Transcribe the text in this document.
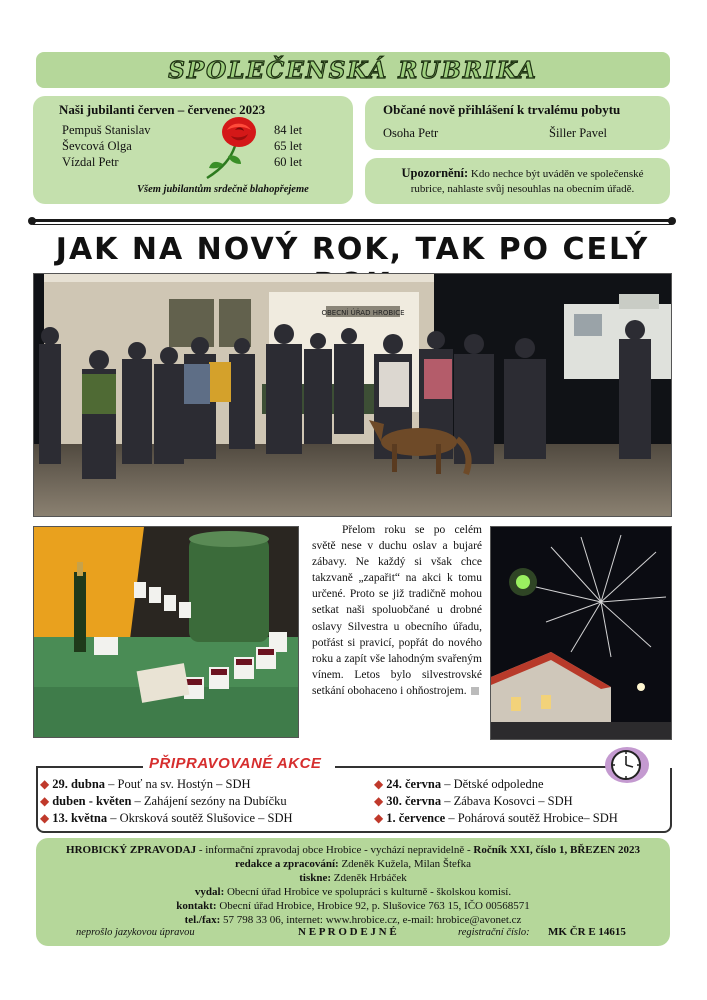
SPOLEČENSKÁ RUBRIKA
Naši jubilanti červen – červenec 2023
Pempuš Stanislav	84 let
Ševcová Olga	65 let
Vízdal Petr	60 let
Všem jubilantům srdečně blahopřejeme
Občané nově přihlášení k trvalému pobytu
Osoha Petr	Šiller Pavel
Upozornění: Kdo nechce být uváděn ve společenské rubrice, nahlaste svůj nesouhlas na obecním úřadě.
JAK NA NOVÝ ROK, TAK PO CELÝ
OBECNÍ ÚŘAD HROBICE
Přelom roku se po celém světě nese v duchu oslav a bujaré zábavy. Ne každý si však chce takzvaně „zapařit“ na akci k tomu určené. Proto se již tradičně mohou setkat naši spoluobčané u drobné oslavy Silvestra u obecního úřadu, potřást si pravicí, popřát do nového roku a zapít vše lahodným svařeným vínem. Letos bylo silvestrovské setkání obohaceno i ohňostrojem.
PŘIPRAVOVANÉ AKCE
◆ 29. dubna – Pouť na sv. Hostýn – SDH
◆ duben - květen – Zahájení sezóny na Dubíčku
◆ 13. května – Okrsková soutěž Slušovice – SDH
◆ 24. června – Dětské odpoledne
◆ 30. června – Zábava Kosovci – SDH
◆ 1. července – Pohárová soutěž Hrobice– SDH
HROBICKÝ ZPRAVODAJ - informační zpravodaj obce Hrobice - vychází nepravidelně - Ročník XXI, číslo 1, BŘEZEN 2023
redakce a zpracování: Zdeněk Kužela, Milan Štefka
tiskne: Zdeněk Hrbáček
vydal: Obecní úřad Hrobice ve spolupráci s kulturně - školskou komisí.
kontakt: Obecní úřad Hrobice, Hrobice 92, p. Slušovice 763 15, IČO 00568571
tel./fax: 57 798 33 06, internet: www.hrobice.cz, e-mail: hrobice@avonet.cz
neprošlo jazykovou úpravou	N E P R O D E J N É	registrační číslo: MK ČR E 14615
